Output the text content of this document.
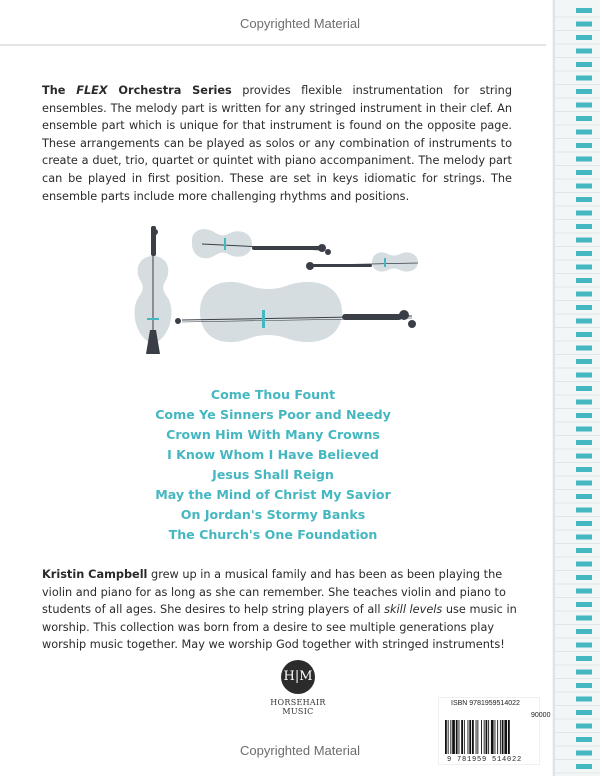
Copyrighted Material
The FLEX Orchestra Series provides flexible instrumentation for string ensembles. The melody part is written for any stringed instrument in their clef. An ensemble part which is unique for that instrument is found on the opposite page. These arrangements can be played as solos or any combination of instruments to create a duet, trio, quartet or quintet with piano accompaniment. The melody part can be played in first position. These are set in keys idiomatic for strings. The ensemble parts include more challenging rhythms and positions.
Come Thou Fount
Come Ye Sinners Poor and Needy
Crown Him With Many Crowns
I Know Whom I Have Believed
Jesus Shall Reign
May the Mind of Christ My Savior
On Jordan's Stormy Banks
The Church's One Foundation
Kristin Campbell grew up in a musical family and has been as been playing the violin and piano for as long as she can remember. She teaches violin and piano to students of all ages. She desires to help string players of all skill levels use music in worship. This collection was born from a desire to see multiple generations play worship music together. May we worship God together with stringed instruments!
H|M
HORSEHAIR MUSIC
ISBN 9781959514022
90000
9 781959 514022
Copyrighted Material
